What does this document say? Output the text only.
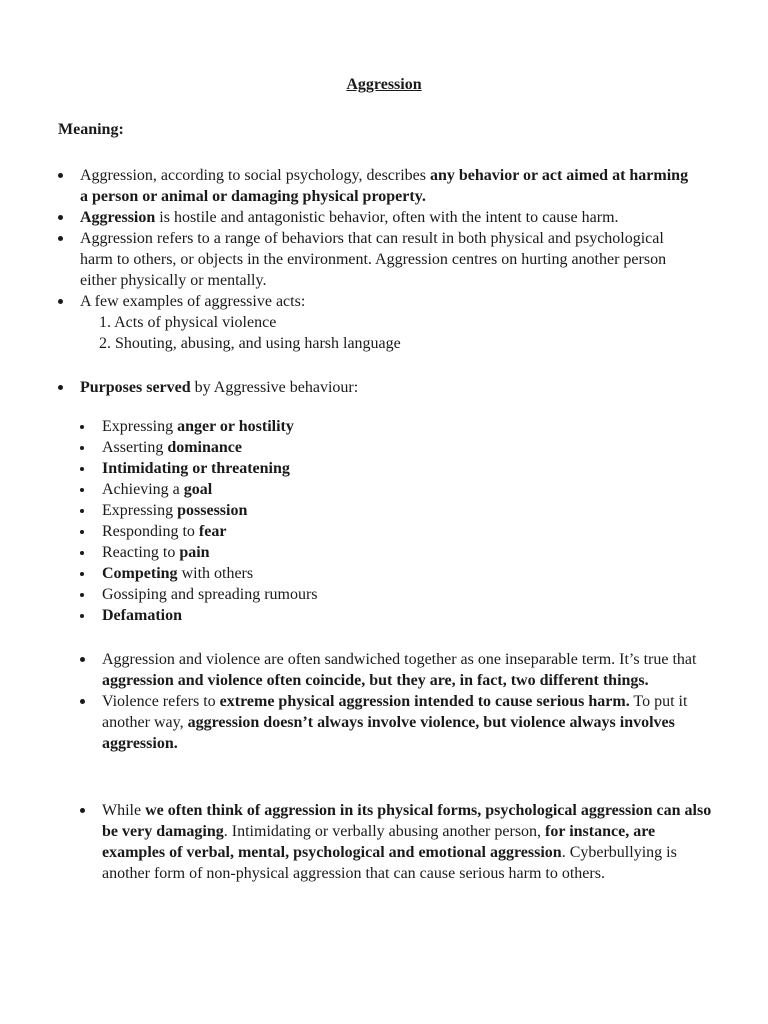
Aggression
Meaning:
Aggression, according to social psychology, describes any behavior or act aimed at harming a person or animal or damaging physical property.
Aggression is hostile and antagonistic behavior, often with the intent to cause harm.
Aggression refers to a range of behaviors that can result in both physical and psychological harm to others, or objects in the environment. Aggression centres on hurting another person either physically or mentally.
A few examples of aggressive acts:
1. Acts of physical violence
2. Shouting, abusing, and using harsh language
Purposes served by Aggressive behaviour:
Expressing anger or hostility
Asserting dominance
Intimidating or threatening
Achieving a goal
Expressing possession
Responding to fear
Reacting to pain
Competing with others
Gossiping and spreading rumours
Defamation
Aggression and violence are often sandwiched together as one inseparable term. It’s true that aggression and violence often coincide, but they are, in fact, two different things.
Violence refers to extreme physical aggression intended to cause serious harm. To put it another way, aggression doesn’t always involve violence, but violence always involves aggression.
While we often think of aggression in its physical forms, psychological aggression can also be very damaging. Intimidating or verbally abusing another person, for instance, are examples of verbal, mental, psychological and emotional aggression. Cyberbullying is another form of non-physical aggression that can cause serious harm to others.
